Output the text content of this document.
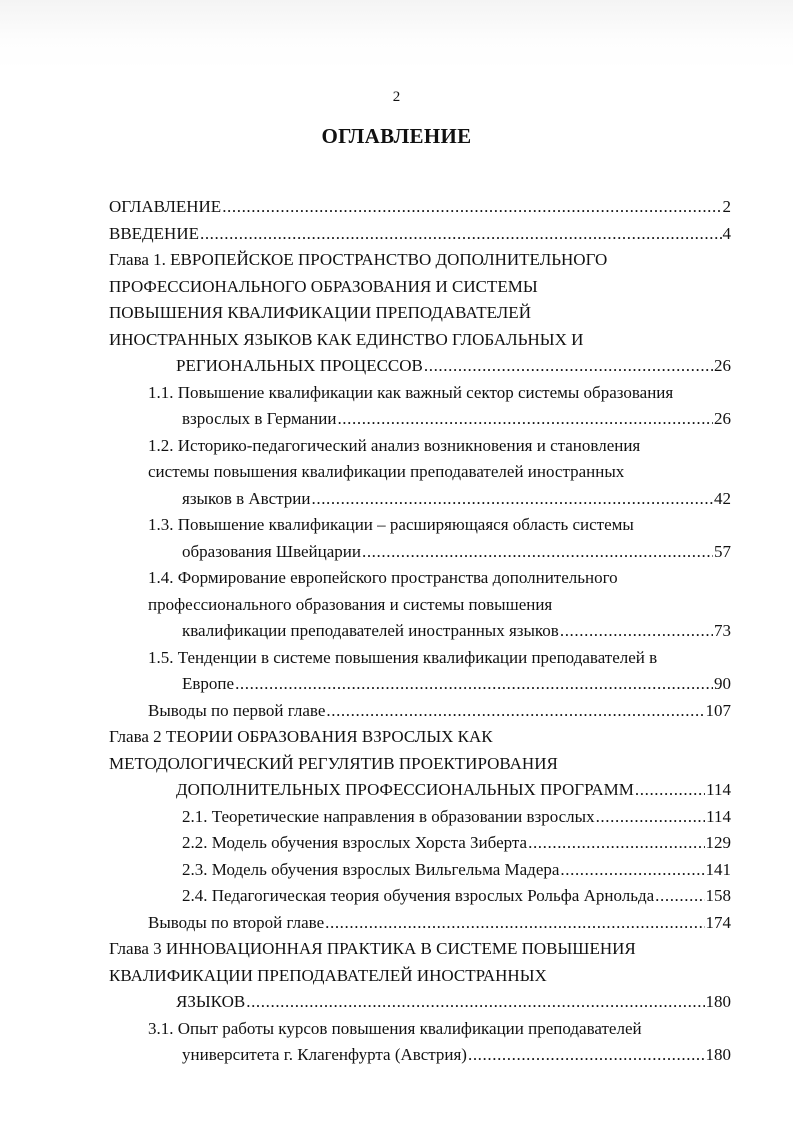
2
ОГЛАВЛЕНИЕ
ОГЛАВЛЕНИЕ .....	2
ВВЕДЕНИЕ .....	4
Глава 1. ЕВРОПЕЙСКОЕ ПРОСТРАНСТВО ДОПОЛНИТЕЛЬНОГО
ПРОФЕССИОНАЛЬНОГО ОБРАЗОВАНИЯ И СИСТЕМЫ
ПОВЫШЕНИЯ КВАЛИФИКАЦИИ ПРЕПОДАВАТЕЛЕЙ
ИНОСТРАННЫХ ЯЗЫКОВ КАК ЕДИНСТВО ГЛОБАЛЬНЫХ И
РЕГИОНАЛЬНЫХ ПРОЦЕССОВ .....	26
1.1. Повышение квалификации как важный сектор системы образования
взрослых в Германии .....	26
1.2. Историко-педагогический анализ возникновения и становления
системы повышения квалификации преподавателей иностранных
языков в Австрии .....	42
1.3. Повышение квалификации – расширяющаяся область системы
образования Швейцарии .....	57
1.4. Формирование европейского пространства дополнительного
профессионального образования и системы повышения
квалификации преподавателей иностранных языков .....	73
1.5. Тенденции в системе повышения квалификации преподавателей в
Европе .....	90
Выводы по первой главе .....	107
Глава 2 ТЕОРИИ ОБРАЗОВАНИЯ ВЗРОСЛЫХ КАК
МЕТОДОЛОГИЧЕСКИЙ РЕГУЛЯТИВ ПРОЕКТИРОВАНИЯ
ДОПОЛНИТЕЛЬНЫХ ПРОФЕССИОНАЛЬНЫХ ПРОГРАММ .....	114
2.1. Теоретические направления в образовании взрослых .....	114
2.2. Модель обучения взрослых Хорста Зиберта .....	129
2.3. Модель обучения взрослых Вильгельма Мадера .....	141
2.4. Педагогическая теория обучения взрослых Рольфа Арнольда .....	158
Выводы по второй главе .....	174
Глава 3 ИННОВАЦИОННАЯ ПРАКТИКА В СИСТЕМЕ ПОВЫШЕНИЯ
КВАЛИФИКАЦИИ ПРЕПОДАВАТЕЛЕЙ ИНОСТРАННЫХ
ЯЗЫКОВ .....	180
3.1. Опыт работы курсов повышения квалификации преподавателей
университета г. Клагенфурта (Австрия) .....	180
